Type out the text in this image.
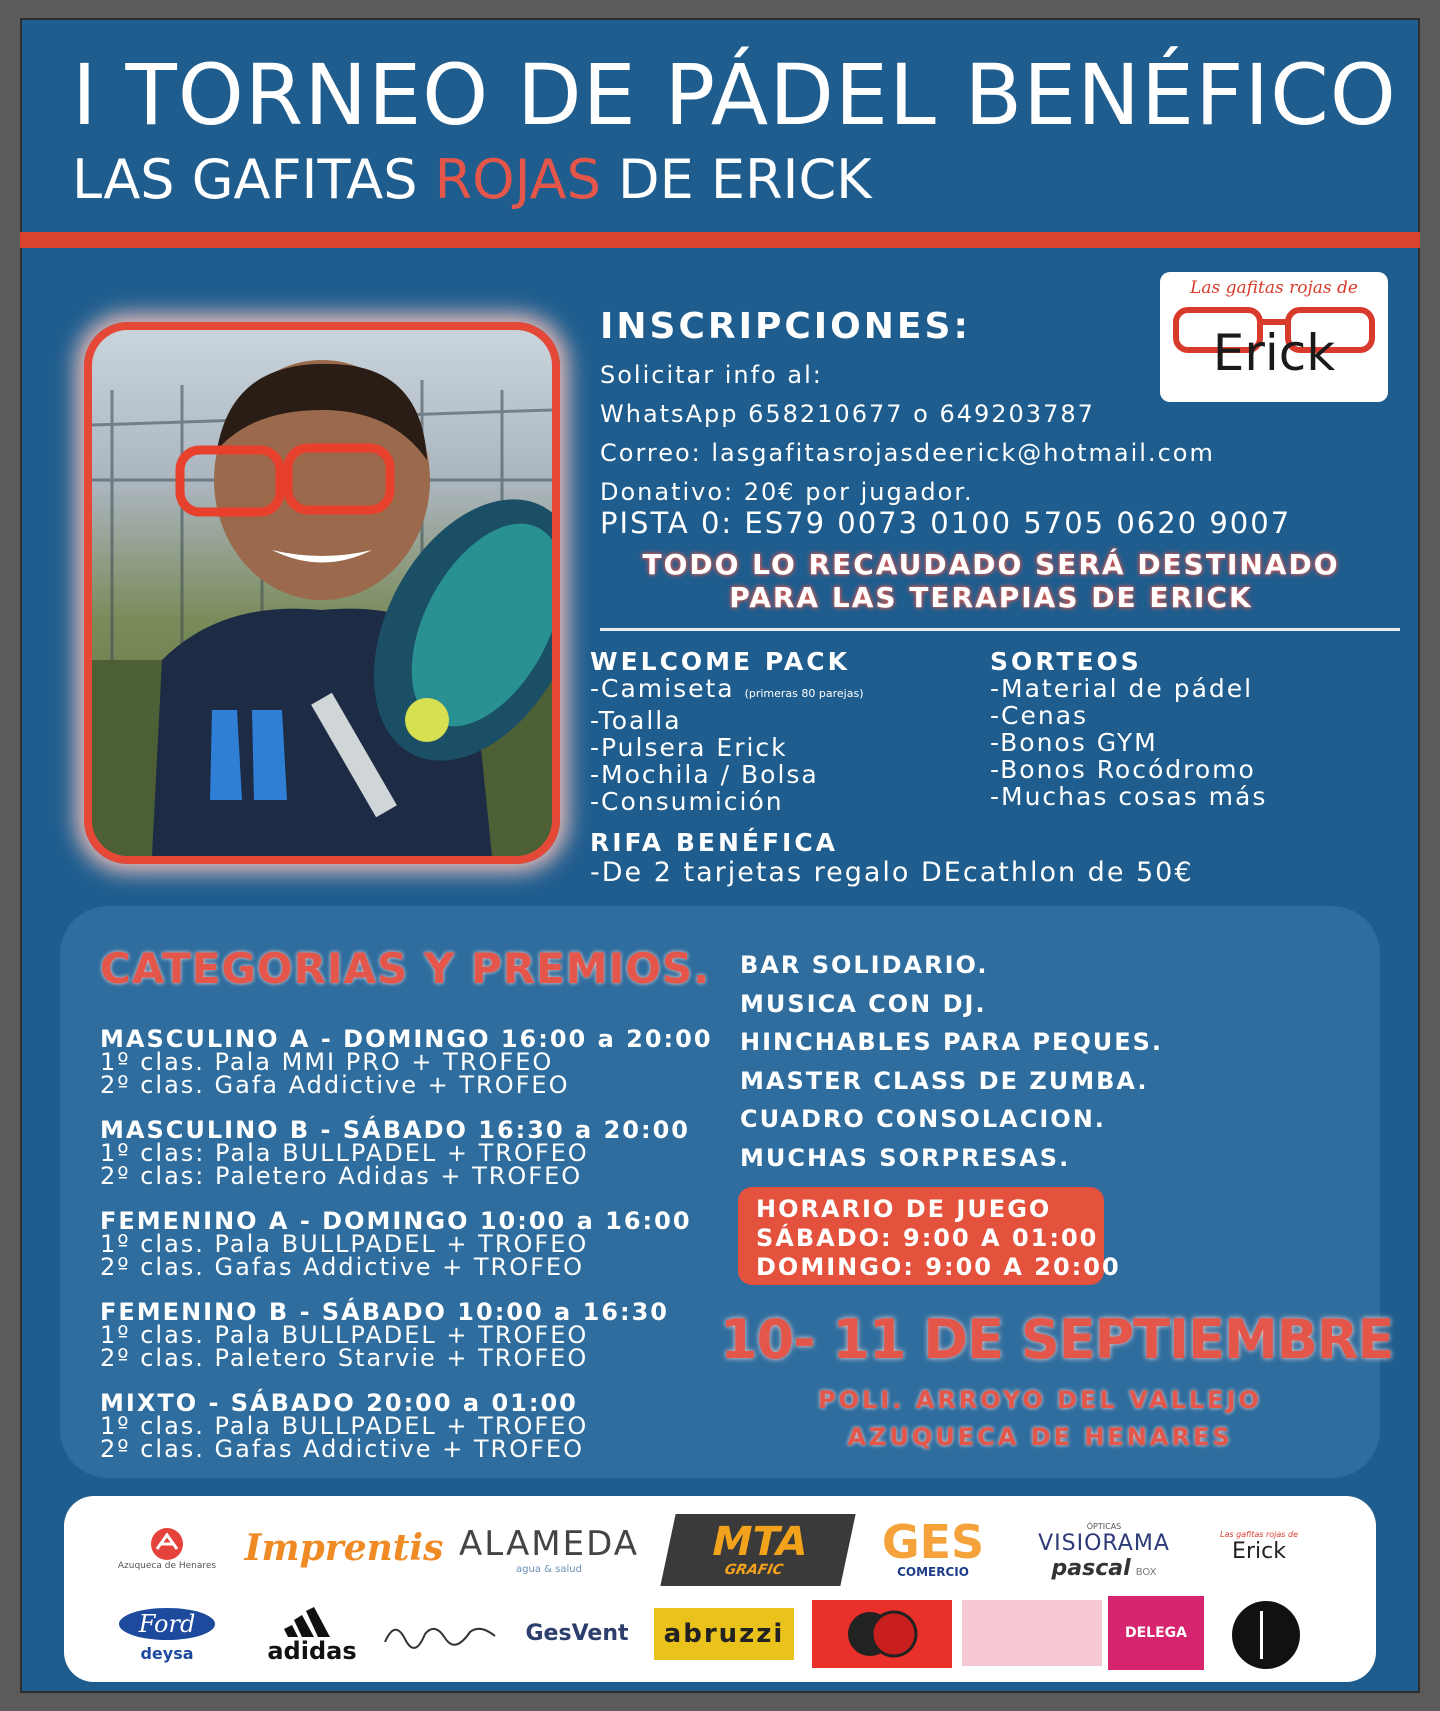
I TORNEO DE PÁDEL BENÉFICO
LAS GAFITAS ROJAS DE ERICK
Las gafitas rojas de
Erick
INSCRIPCIONES:
Solicitar info al:
WhatsApp 658210677 o 649203787
Correo: lasgafitasrojasdeerick@hotmail.com
Donativo: 20€ por jugador.
PISTA 0: ES79 0073 0100 5705 0620 9007
TODO LO RECAUDADO SERÁ DESTINADO
PARA LAS TERAPIAS DE ERICK
WELCOME PACK
-Camiseta (primeras 80 parejas)
-Toalla
-Pulsera Erick
-Mochila / Bolsa
-Consumición
SORTEOS
-Material de pádel
-Cenas
-Bonos GYM
-Bonos Rocódromo
-Muchas cosas más
RIFA BENÉFICA
-De 2 tarjetas regalo DEcathlon de 50€
CATEGORIAS Y PREMIOS.
MASCULINO A - DOMINGO 16:00 a 20:00
1º clas. Pala MMI PRO + TROFEO
2º clas. Gafa Addictive + TROFEO
MASCULINO B - SÁBADO 16:30 a 20:00
1º clas: Pala BULLPADEL + TROFEO
2º clas: Paletero Adidas + TROFEO
FEMENINO A - DOMINGO 10:00 a 16:00
1º clas. Pala BULLPADEL + TROFEO
2º clas. Gafas Addictive + TROFEO
FEMENINO B - SÁBADO 10:00 a 16:30
1º clas. Pala BULLPADEL + TROFEO
2º clas. Paletero Starvie + TROFEO
MIXTO - SÁBADO 20:00 a 01:00
1º clas. Pala BULLPADEL + TROFEO
2º clas. Gafas Addictive + TROFEO
BAR SOLIDARIO.
MUSICA CON DJ.
HINCHABLES PARA PEQUES.
MASTER CLASS DE ZUMBA.
CUADRO CONSOLACION.
MUCHAS SORPRESAS.
HORARIO DE JUEGO
SÁBADO: 9:00 A 01:00
DOMINGO: 9:00 A 20:00
10- 11 DE SEPTIEMBRE
POLI. ARROYO DEL VALLEJO
AZUQUECA DE HENARES
Azuqueca de Henares Imprentis ALAMEDA
agua & salud
MTA
GRAFIC
GES
COMERCIO
ÓPTICAS
VISIORAMA
pascal BOX
Las gafitas rojas de
Erick
Ford
deysa	adidas
GesVent	abruzzi	DELEGA
